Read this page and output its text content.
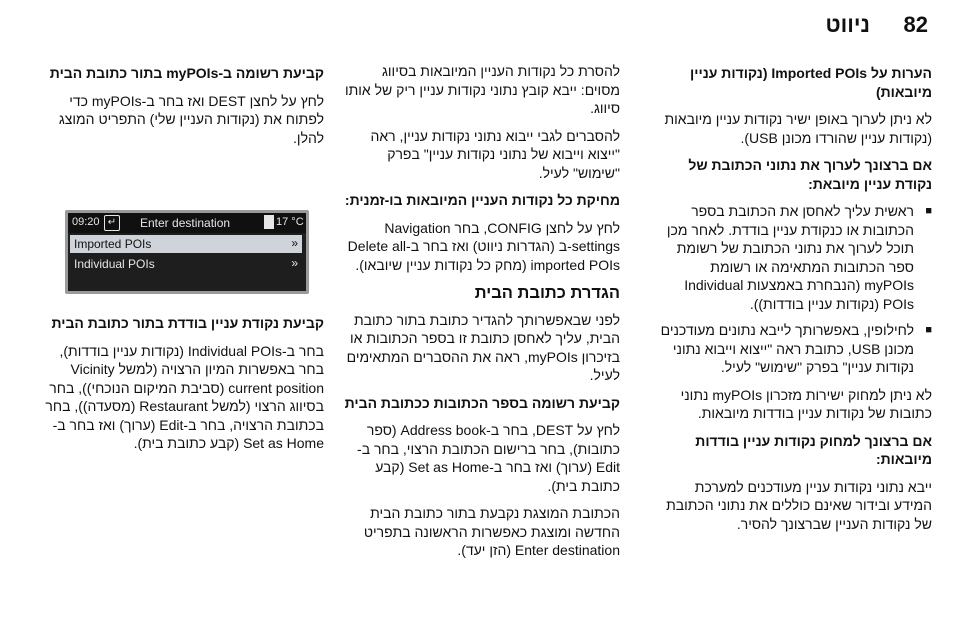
82
ניווט

הערות על Imported POIs (נקודות עניין מיובאות)

לא ניתן לערוך באופן ישיר נקודות עניין מיובאות (נקודות עניין שהורדו מכונן USB).

אם ברצונך לערוך את נתוני הכתובת של נקודת עניין מיובאת:

■ ראשית עליך לאחסן את הכתובת בספר הכתובות או כנקודת עניין בודדת. לאחר מכן תוכל לערוך את נתוני הכתובת של רשומת ספר הכתובות המתאימה או רשומת myPOIs (הנבחרת באמצעות Individual POIs (נקודות עניין בודדות)).
■ לחילופין, באפשרותך לייבא נתונים מעודכנים מכונן USB, כתובת ראה "ייצוא וייבוא נתוני נקודות עניין" בפרק "שימוש" לעיל.

לא ניתן למחוק ישירות מזכרון myPOIs נתוני כתובות של נקודות עניין בודדות מיובאות.

אם ברצונך למחוק נקודות עניין בודדות מיובאות:

ייבא נתוני נקודות עניין מעודכנים למערכת המידע ובידור שאינם כוללים את נתוני הכתובת של נקודות העניין שברצונך להסיר.

להסרת כל נקודות העניין המיובאות בסיווג מסוים: ייבא קובץ נתוני נקודות עניין ריק של אותו סיווג.

להסברים לגבי ייבוא נתוני נקודות עניין, ראה "ייצוא וייבוא של נתוני נקודות עניין" בפרק "שימוש" לעיל.

מחיקת כל נקודות העניין המיובאות בו-זמנית:

לחץ על לחצן CONFIG, בחר Navigation settings-ב (הגדרות ניווט) ואז בחר ב-Delete all imported POIs (מחק כל נקודות עניין שיובאו).

הגדרת כתובת הבית

לפני שבאפשרותך להגדיר כתובת בתור כתובת הבית, עליך לאחסן כתובת זו בספר הכתובות או בזיכרון myPOIs, ראה את ההסברים המתאימים לעיל.

קביעת רשומה בספר הכתובות ככתובת הבית

לחץ על DEST, בחר ב-Address book (ספר כתובות), בחר ברישום הכתובת הרצוי, בחר ב-Edit (ערוך) ואז בחר ב-Set as Home (קבע כתובת בית).

הכתובת המוצגת נקבעת בתור כתובת הבית החדשה ומוצגת כאפשרות הראשונה בתפריט Enter destination (הזן יעד).

קביעת רשומה ב-myPOIs בתור כתובת הבית

לחץ על לחצן DEST ואז בחר ב-myPOIs כדי לפתוח את (נקודות העניין שלי) התפריט המוצג להלן.

קביעת נקודת עניין בודדת בתור כתובת הבית

בחר ב-Individual POIs (נקודות עניין בודדות), בחר באפשרות המיון הרצויה (למשל Vicinity current position (סביבת המיקום הנוכחי)), בחר בסיווג הרצוי (למשל Restaurant (מסעדה)), בחר בכתובת הרצויה, בחר ב-Edit (ערוך) ואז בחר ב-Set as Home (קבע כתובת בית).

09:20 ↵	Enter destination	17 °C
Imported POIs	»
Individual POIs	»
